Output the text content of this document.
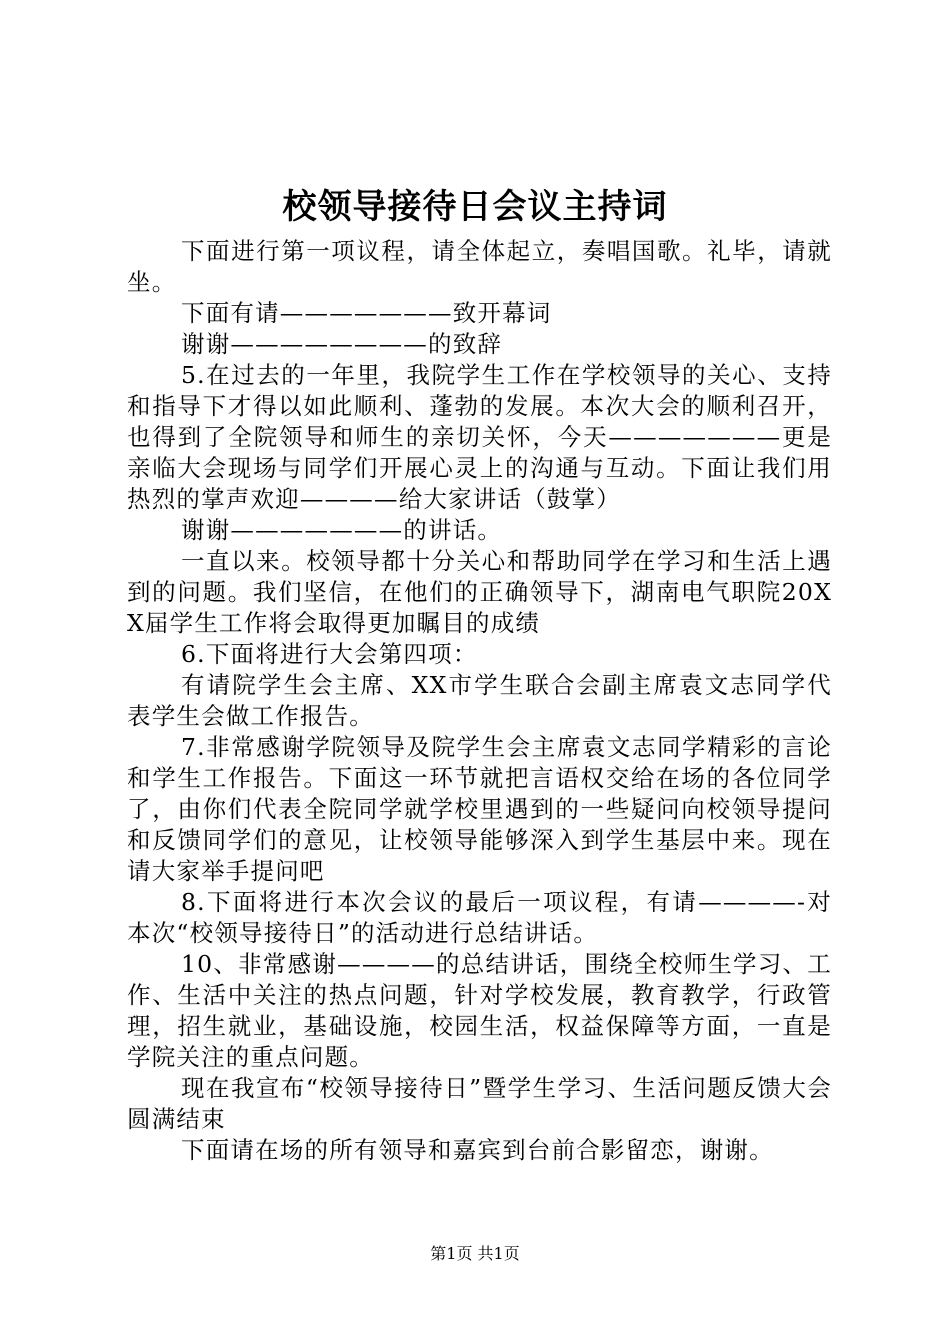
校领导接待日会议主持词

下面进行第一项议程，请全体起立，奏唱国歌。礼毕，请就坐。

下面有请———————致开幕词

谢谢————————的致辞

5.在过去的一年里，我院学生工作在学校领导的关心、支持和指导下才得以如此顺利、蓬勃的发展。本次大会的顺利召开，也得到了全院领导和师生的亲切关怀，今天———————更是亲临大会现场与同学们开展心灵上的沟通与互动。下面让我们用热烈的掌声欢迎————给大家讲话（鼓掌）

谢谢———————的讲话。

一直以来。校领导都十分关心和帮助同学在学习和生活上遇到的问题。我们坚信，在他们的正确领导下，湖南电气职院20XX届学生工作将会取得更加瞩目的成绩

6.下面将进行大会第四项：

有请院学生会主席、XX市学生联合会副主席袁文志同学代表学生会做工作报告。

7.非常感谢学院领导及院学生会主席袁文志同学精彩的言论和学生工作报告。下面这一环节就把言语权交给在场的各位同学了，由你们代表全院同学就学校里遇到的一些疑问向校领导提问和反馈同学们的意见，让校领导能够深入到学生基层中来。现在请大家举手提问吧

8.下面将进行本次会议的最后一项议程，有请————-对本次“校领导接待日”的活动进行总结讲话。

10、非常感谢————的总结讲话，围绕全校师生学习、工作、生活中关注的热点问题，针对学校发展，教育教学，行政管理，招生就业，基础设施，校园生活，权益保障等方面，一直是学院关注的重点问题。

现在我宣布“校领导接待日”暨学生学习、生活问题反馈大会圆满结束

下面请在场的所有领导和嘉宾到台前合影留恋，谢谢。

第1页 共1页
